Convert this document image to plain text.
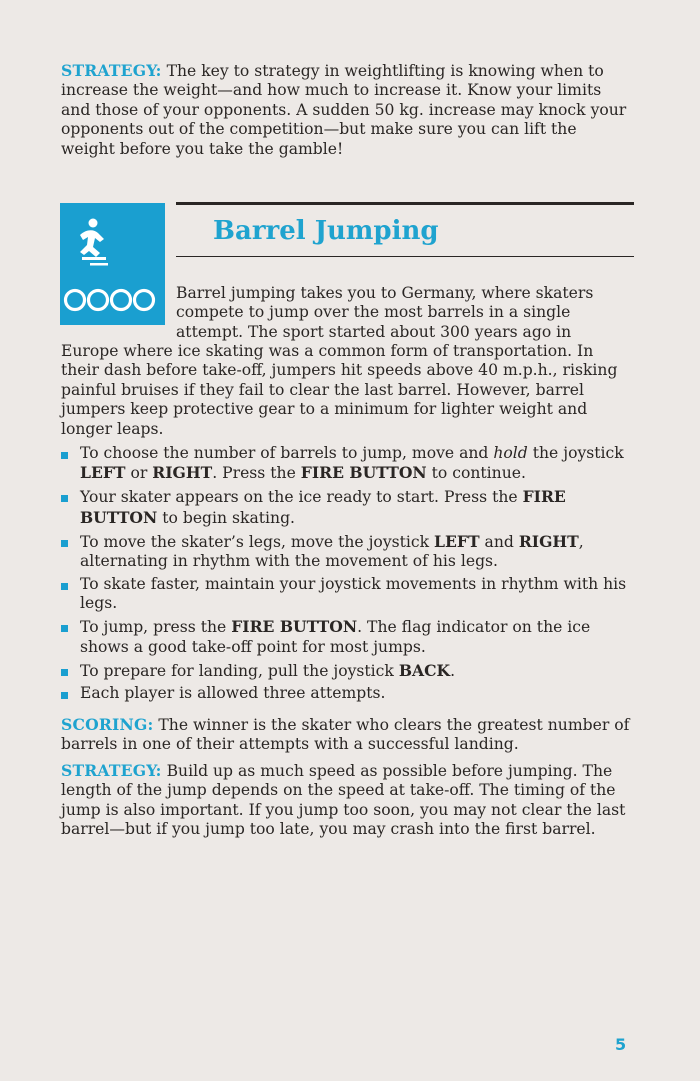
STRATEGY: The key to strategy in weightlifting is knowing when to increase the weight—and how much to increase it. Know your limits and those of your opponents. A sudden 50 kg. increase may knock your opponents out of the competition—but make sure you can lift the weight before you take the gamble!

Barrel Jumping

Barrel jumping takes you to Germany, where skaters compete to jump over the most barrels in a single attempt. The sport started about 300 years ago in

Europe where ice skating was a common form of transportation. In their dash before take-off, jumpers hit speeds above 40 m.p.h., risking painful bruises if they fail to clear the last barrel. However, barrel jumpers keep protective gear to a minimum for lighter weight and longer leaps.

To choose the number of barrels to jump, move and hold the joystick LEFT or RIGHT. Press the FIRE BUTTON to continue.
Your skater appears on the ice ready to start. Press the FIRE BUTTON to begin skating.
To move the skater’s legs, move the joystick LEFT and RIGHT, alternating in rhythm with the movement of his legs.
To skate faster, maintain your joystick movements in rhythm with his legs.
To jump, press the FIRE BUTTON. The flag indicator on the ice shows a good take-off point for most jumps.
To prepare for landing, pull the joystick BACK.
Each player is allowed three attempts.

SCORING: The winner is the skater who clears the greatest number of barrels in one of their attempts with a successful landing.

STRATEGY: Build up as much speed as possible before jumping. The length of the jump depends on the speed at take-off. The timing of the jump is also important. If you jump too soon, you may not clear the last barrel—but if you jump too late, you may crash into the first barrel.

5
